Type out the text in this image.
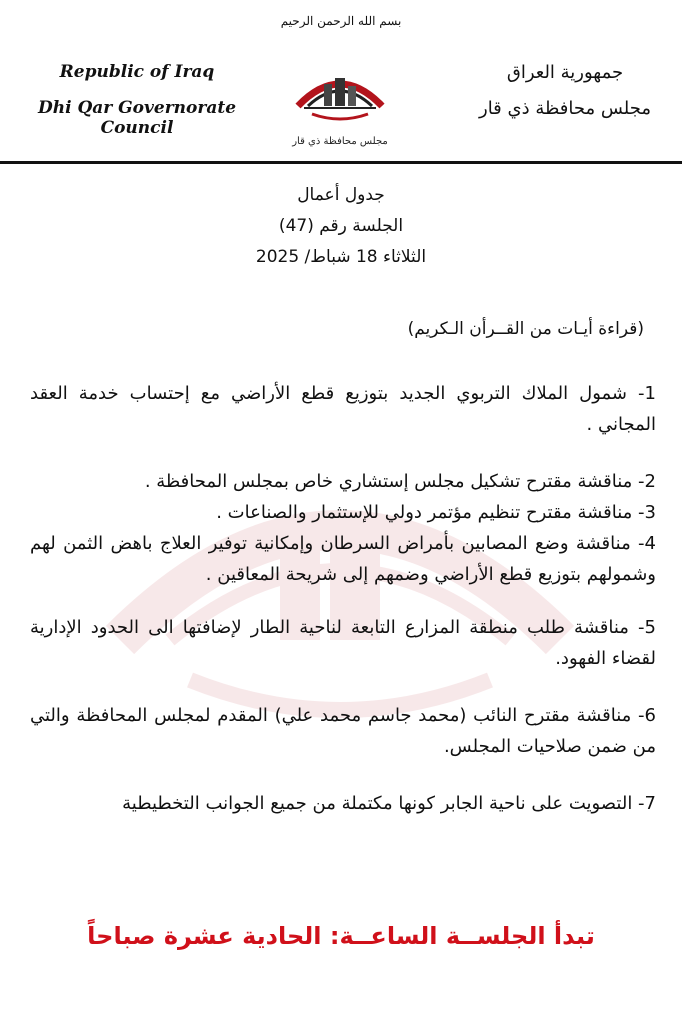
بسم الله الرحمن الرحيم
Republic of Iraq
Dhi Qar Governorate Council
مجلس محافظة ذي قار
جمهورية العراق
مجلس محافظة ذي قار
جدول أعمال
الجلسة رقم (47)
الثلاثاء 18 شباط/ 2025
(قراءة أيـات من القــرأن الـكريم)
1- شمول الملاك التربوي الجديد بتوزيع قطع الأراضي مع إحتساب خدمة العقد المجاني .
2- مناقشة مقترح تشكيل مجلس إستشاري خاص بمجلس المحافظة .
3- مناقشة مقترح تنظيم مؤتمر دولي للإستثمار والصناعات .
4- مناقشة وضع المصابين بأمراض السرطان وإمكانية توفير العلاج باهض الثمن لهم وشمولهم بتوزيع قطع الأراضي وضمهم إلى شريحة المعاقين .
5- مناقشة طلب منطقة المزارع التابعة لناحية الطار لإضافتها الى الحدود الإدارية لقضاء الفهود.
6- مناقشة مقترح النائب (محمد جاسم محمد علي) المقدم لمجلس المحافظة والتي من ضمن صلاحيات المجلس.
7- التصويت على ناحية الجابر كونها مكتملة من جميع الجوانب التخطيطية
تبدأ الجلســة الساعــة: الحادية عشرة صباحاً
